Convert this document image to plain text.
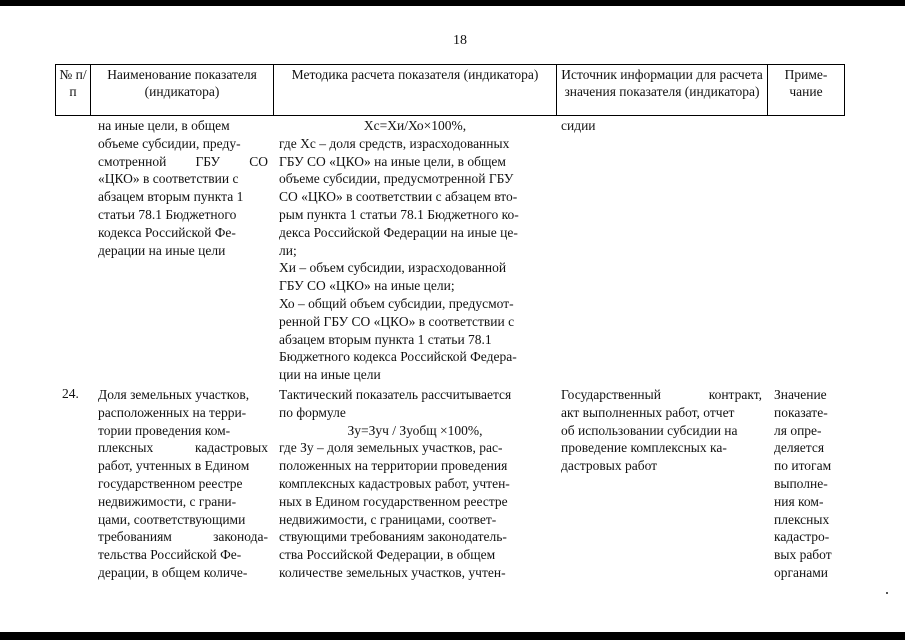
18
№ п/п
Наименование показателя (индикатора)
Методика расчета показателя (индикатора)	Источник информации для расчета значения показателя (индикатора)
Приме- чание
на иные цели, в общем
объеме субсидии, преду-
смотренной ГБУ СО
«ЦКО» в соответствии с
абзацем вторым пункта 1
статьи 78.1 Бюджетного
кодекса Российской Фе-
дерации на иные цели
Хс=Хи/Хо×100%,
где Хс – доля средств, израсходованных
ГБУ СО «ЦКО» на иные цели, в общем
объеме субсидии, предусмотренной ГБУ
СО «ЦКО» в соответствии с абзацем вто-
рым пункта 1 статьи 78.1 Бюджетного ко-
декса Российской Федерации на иные це-
ли;
Хи – объем субсидии, израсходованной
ГБУ СО «ЦКО» на иные цели;
Хо – общий объем субсидии, предусмот-
ренной ГБУ СО «ЦКО» в соответствии с
абзацем вторым пункта 1 статьи 78.1
Бюджетного кодекса Российской Федера-
ции на иные цели
сидии
24. Доля земельных участков,
расположенных на терри-
тории проведения ком-
плексных кадастровых
работ, учтенных в Едином
государственном реестре
недвижимости, с грани-
цами, соответствующими
требованиям законода-
тельства Российской Фе-
дерации, в общем количе-
Тактический показатель рассчитывается
по формуле
Зу=Зуч / Зуобщ ×100%,
где Зу – доля земельных участков, рас-
положенных на территории проведения
комплексных кадастровых работ, учтен-
ных в Едином государственном реестре
недвижимости, с границами, соответ-
ствующими требованиям законодатель-
ства Российской Федерации, в общем
количестве земельных участков, учтен-
Государственный контракт,
акт выполненных работ, отчет
об использовании субсидии на
проведение комплексных ка-
дастровых работ
Значение
показате-
ля опре-
деляется
по итогам
выполне-
ния ком-
плексных
кадастро-
вых работ
органами
